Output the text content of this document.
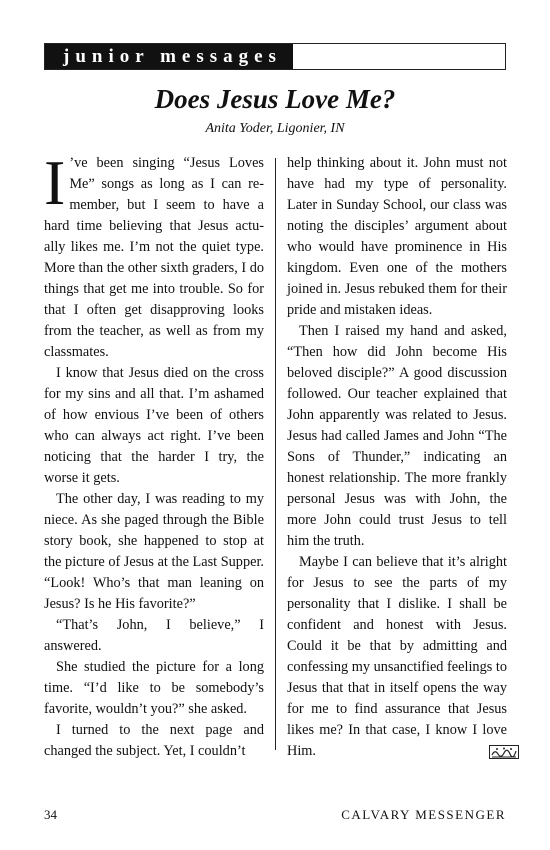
junior messages
Does Jesus Love Me?
Anita Yoder, Ligonier, IN

I ’ve been singing “Jesus Loves Me” songs as long as I can re-member, but I seem to have a hard time believing that Jesus actu-ally likes me. I’m not the quiet type. More than the other sixth graders, I do things that get me into trouble. So for that I often get disapproving looks from the teacher, as well as from my classmates.

I know that Jesus died on the cross for my sins and all that. I’m ashamed of how envious I’ve been of others who can always act right. I’ve been noticing that the harder I try, the worse it gets.

The other day, I was reading to my niece. As she paged through the Bible story book, she happened to stop at the picture of Jesus at the Last Supper. “Look! Who’s that man leaning on Jesus? Is he His favorite?”

“That’s John, I believe,” I answered.

She studied the picture for a long time. “I’d like to be somebody’s favorite, wouldn’t you?” she asked.

I turned to the next page and changed the subject. Yet, I couldn’t

help thinking about it. John must not have had my type of personality. Later in Sunday School, our class was noting the disciples’ argument about who would have prominence in His kingdom. Even one of the mothers joined in. Jesus rebuked them for their pride and mistaken ideas.

Then I raised my hand and asked, “Then how did John become His beloved disciple?” A good discussion followed. Our teacher explained that John apparently was related to Jesus. Jesus had called James and John “The Sons of Thunder,” indicating an honest relationship. The more frankly personal Jesus was with John, the more John could trust Jesus to tell him the truth.

Maybe I can believe that it’s alright for Jesus to see the parts of my personality that I dislike. I shall be confident and honest with Jesus. Could it be that by admitting and confessing my unsanctified feelings to Jesus that that in itself opens the way for me to find assurance that Jesus likes me? In that case, I know I love Him.

34	CALVARY MESSENGER
